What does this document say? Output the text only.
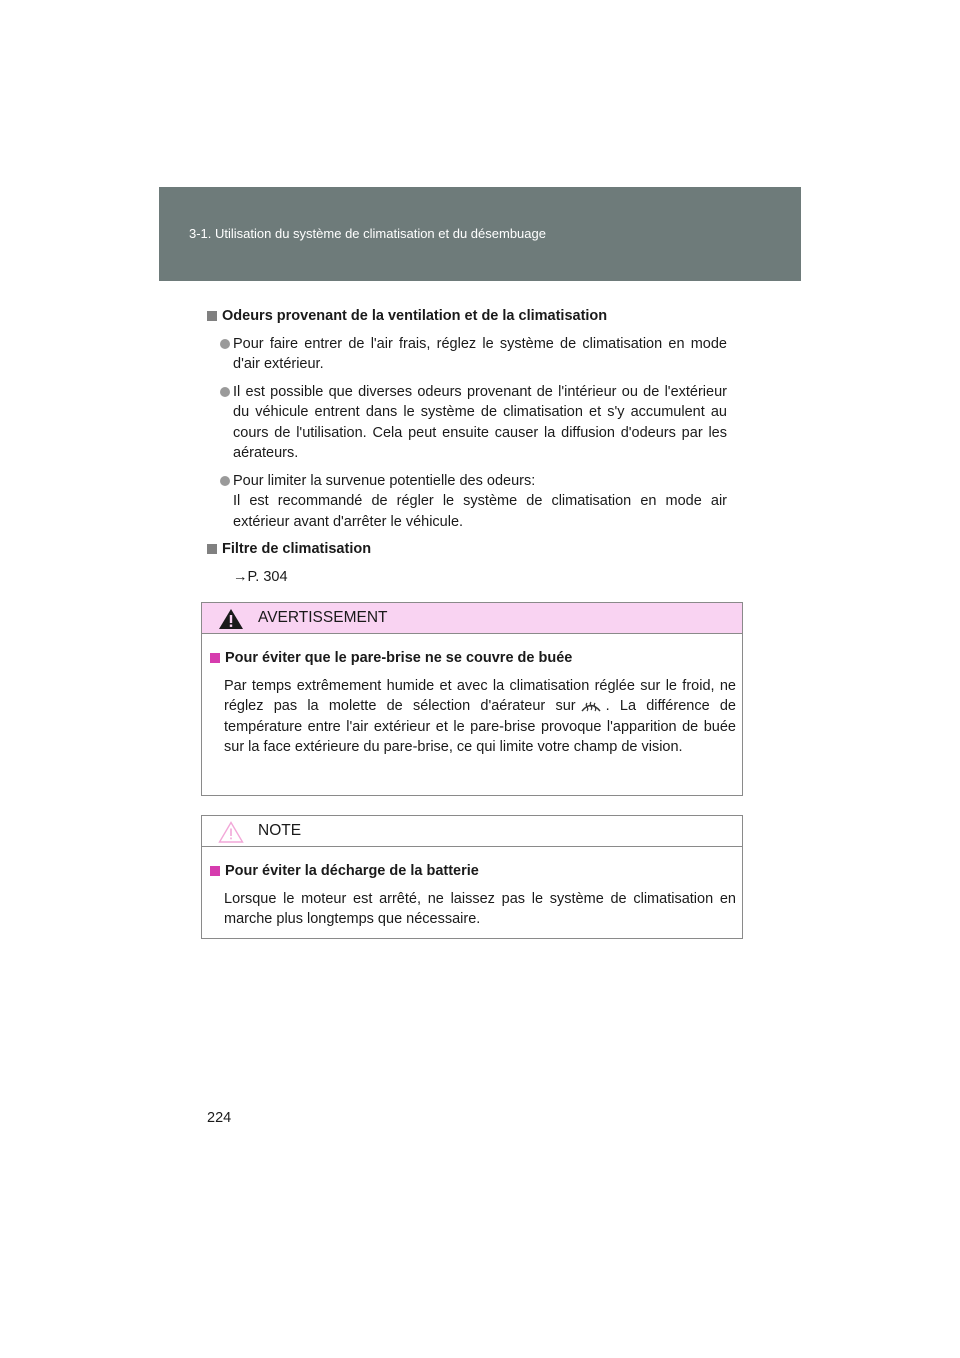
3-1. Utilisation du système de climatisation et du désembuage
Odeurs provenant de la ventilation et de la climatisation
Pour faire entrer de l'air frais, réglez le système de climatisation en mode d'air extérieur.
Il est possible que diverses odeurs provenant de l'intérieur ou de l'extérieur du véhicule entrent dans le système de climatisation et s'y accumulent au cours de l'utilisation. Cela peut ensuite causer la diffusion d'odeurs par les aérateurs.
Pour limiter la survenue potentielle des odeurs:
Il est recommandé de régler le système de climatisation en mode air extérieur avant d'arrêter le véhicule.
Filtre de climatisation
→P. 304
AVERTISSEMENT
Pour éviter que le pare-brise ne se couvre de buée
Par temps extrêmement humide et avec la climatisation réglée sur le froid, ne réglez pas la molette de sélection d'aérateur sur . La différence de température entre l'air extérieur et le pare-brise provoque l'apparition de buée sur la face extérieure du pare-brise, ce qui limite votre champ de vision.
NOTE
Pour éviter la décharge de la batterie
Lorsque le moteur est arrêté, ne laissez pas le système de climatisation en marche plus longtemps que nécessaire.
224
